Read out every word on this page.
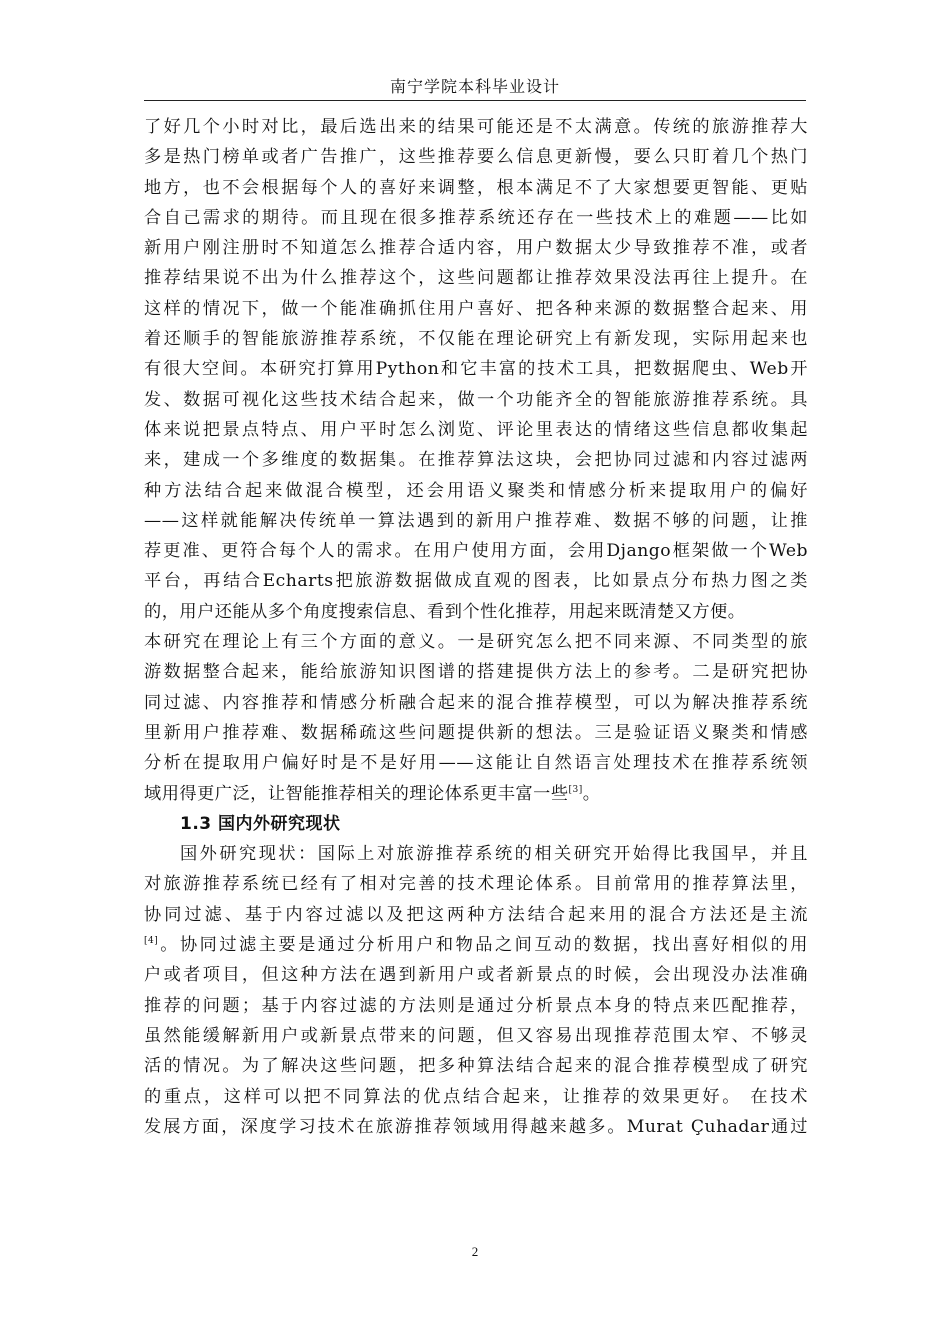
南宁学院本科毕业设计
了好几个小时对比，最后选出来的结果可能还是不太满意。传统的旅游推荐大
多是热门榜单或者广告推广，这些推荐要么信息更新慢，要么只盯着几个热门
地方，也不会根据每个人的喜好来调整，根本满足不了大家想要更智能、更贴
合自己需求的期待。而且现在很多推荐系统还存在一些技术上的难题——比如
新用户刚注册时不知道怎么推荐合适内容，用户数据太少导致推荐不准，或者
推荐结果说不出为什么推荐这个，这些问题都让推荐效果没法再往上提升。在
这样的情况下，做一个能准确抓住用户喜好、把各种来源的数据整合起来、用
着还顺手的智能旅游推荐系统，不仅能在理论研究上有新发现，实际用起来也
有很大空间。本研究打算用Python和它丰富的技术工具，把数据爬虫、Web开
发、数据可视化这些技术结合起来，做一个功能齐全的智能旅游推荐系统。具
体来说把景点特点、用户平时怎么浏览、评论里表达的情绪这些信息都收集起
来，建成一个多维度的数据集。在推荐算法这块，会把协同过滤和内容过滤两
种方法结合起来做混合模型，还会用语义聚类和情感分析来提取用户的偏好
——这样就能解决传统单一算法遇到的新用户推荐难、数据不够的问题，让推
荐更准、更符合每个人的需求。在用户使用方面，会用Django框架做一个Web
平台，再结合Echarts把旅游数据做成直观的图表，比如景点分布热力图之类
的，用户还能从多个角度搜索信息、看到个性化推荐，用起来既清楚又方便。
本研究在理论上有三个方面的意义。一是研究怎么把不同来源、不同类型的旅
游数据整合起来，能给旅游知识图谱的搭建提供方法上的参考。二是研究把协
同过滤、内容推荐和情感分析融合起来的混合推荐模型，可以为解决推荐系统
里新用户推荐难、数据稀疏这些问题提供新的想法。三是验证语义聚类和情感
分析在提取用户偏好时是不是好用——这能让自然语言处理技术在推荐系统领
域用得更广泛，让智能推荐相关的理论体系更丰富一些[3]。
1.3 国内外研究现状
国外研究现状：国际上对旅游推荐系统的相关研究开始得比我国早，并且
对旅游推荐系统已经有了相对完善的技术理论体系。目前常用的推荐算法里，
协同过滤、基于内容过滤以及把这两种方法结合起来用的混合方法还是主流
[4]。协同过滤主要是通过分析用户和物品之间互动的数据，找出喜好相似的用
户或者项目，但这种方法在遇到新用户或者新景点的时候，会出现没办法准确
推荐的问题；基于内容过滤的方法则是通过分析景点本身的特点来匹配推荐，
虽然能缓解新用户或新景点带来的问题，但又容易出现推荐范围太窄、不够灵
活的情况。为了解决这些问题，把多种算法结合起来的混合推荐模型成了研究
的重点，这样可以把不同算法的优点结合起来，让推荐的效果更好。 在技术
发展方面，深度学习技术在旅游推荐领域用得越来越多。Murat Çuhadar通过
2
